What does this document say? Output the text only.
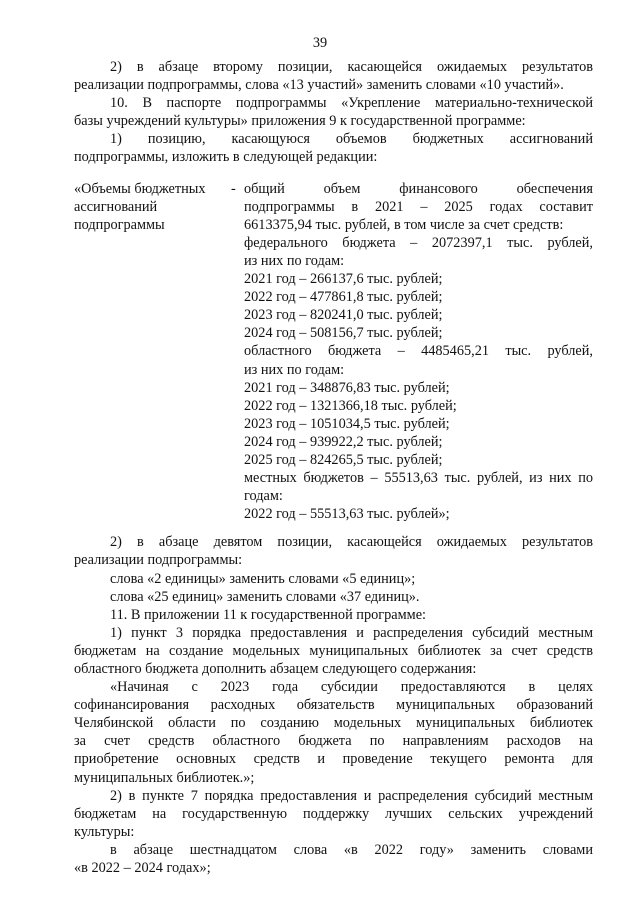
39

2) в абзаце второму позиции, касающейся ожидаемых результатов

реализации подпрограммы, слова «13 участий» заменить словами «10 участий».

10. В паспорте подпрограммы «Укрепление материально-технической

базы учреждений культуры» приложения 9 к государственной программе:

1) позицию, касающуюся объемов бюджетных ассигнований

подпрограммы, изложить в следующей редакции:

«Объемы бюджетных

ассигнований

подпрограммы

- общий объем финансового обеспечения

подпрограммы в 2021 – 2025 годах составит

6613375,94 тыс. рублей, в том числе за счет средств:

федерального бюджета – 2072397,1 тыс. рублей,

из них по годам:

2021 год – 266137,6 тыс. рублей;

2022 год – 477861,8 тыс. рублей;

2023 год – 820241,0 тыс. рублей;

2024 год – 508156,7 тыс. рублей;

областного бюджета – 4485465,21 тыс. рублей,

из них по годам:

2021 год – 348876,83 тыс. рублей;

2022 год – 1321366,18 тыс. рублей;

2023 год – 1051034,5 тыс. рублей;

2024 год – 939922,2 тыс. рублей;

2025 год – 824265,5 тыс. рублей;

местных бюджетов – 55513,63 тыс. рублей, из них по

годам:

2022 год – 55513,63 тыс. рублей»;

2) в абзаце девятом позиции, касающейся ожидаемых результатов

реализации подпрограммы:

слова «2 единицы» заменить словами «5 единиц»;

слова «25 единиц» заменить словами «37 единиц».

11. В приложении 11 к государственной программе:

1) пункт 3 порядка предоставления и распределения субсидий местным

бюджетам на создание модельных муниципальных библиотек за счет средств

областного бюджета дополнить абзацем следующего содержания:

«Начиная с 2023 года субсидии предоставляются в целях

софинансирования расходных обязательств муниципальных образований

Челябинской области по созданию модельных муниципальных библиотек

за счет средств областного бюджета по направлениям расходов на

приобретение основных средств и проведение текущего ремонта для

муниципальных библиотек.»;

2) в пункте 7 порядка предоставления и распределения субсидий местным

бюджетам на государственную поддержку лучших сельских учреждений

культуры:

в абзаце шестнадцатом слова «в 2022 году» заменить словами

«в 2022 – 2024 годах»;
